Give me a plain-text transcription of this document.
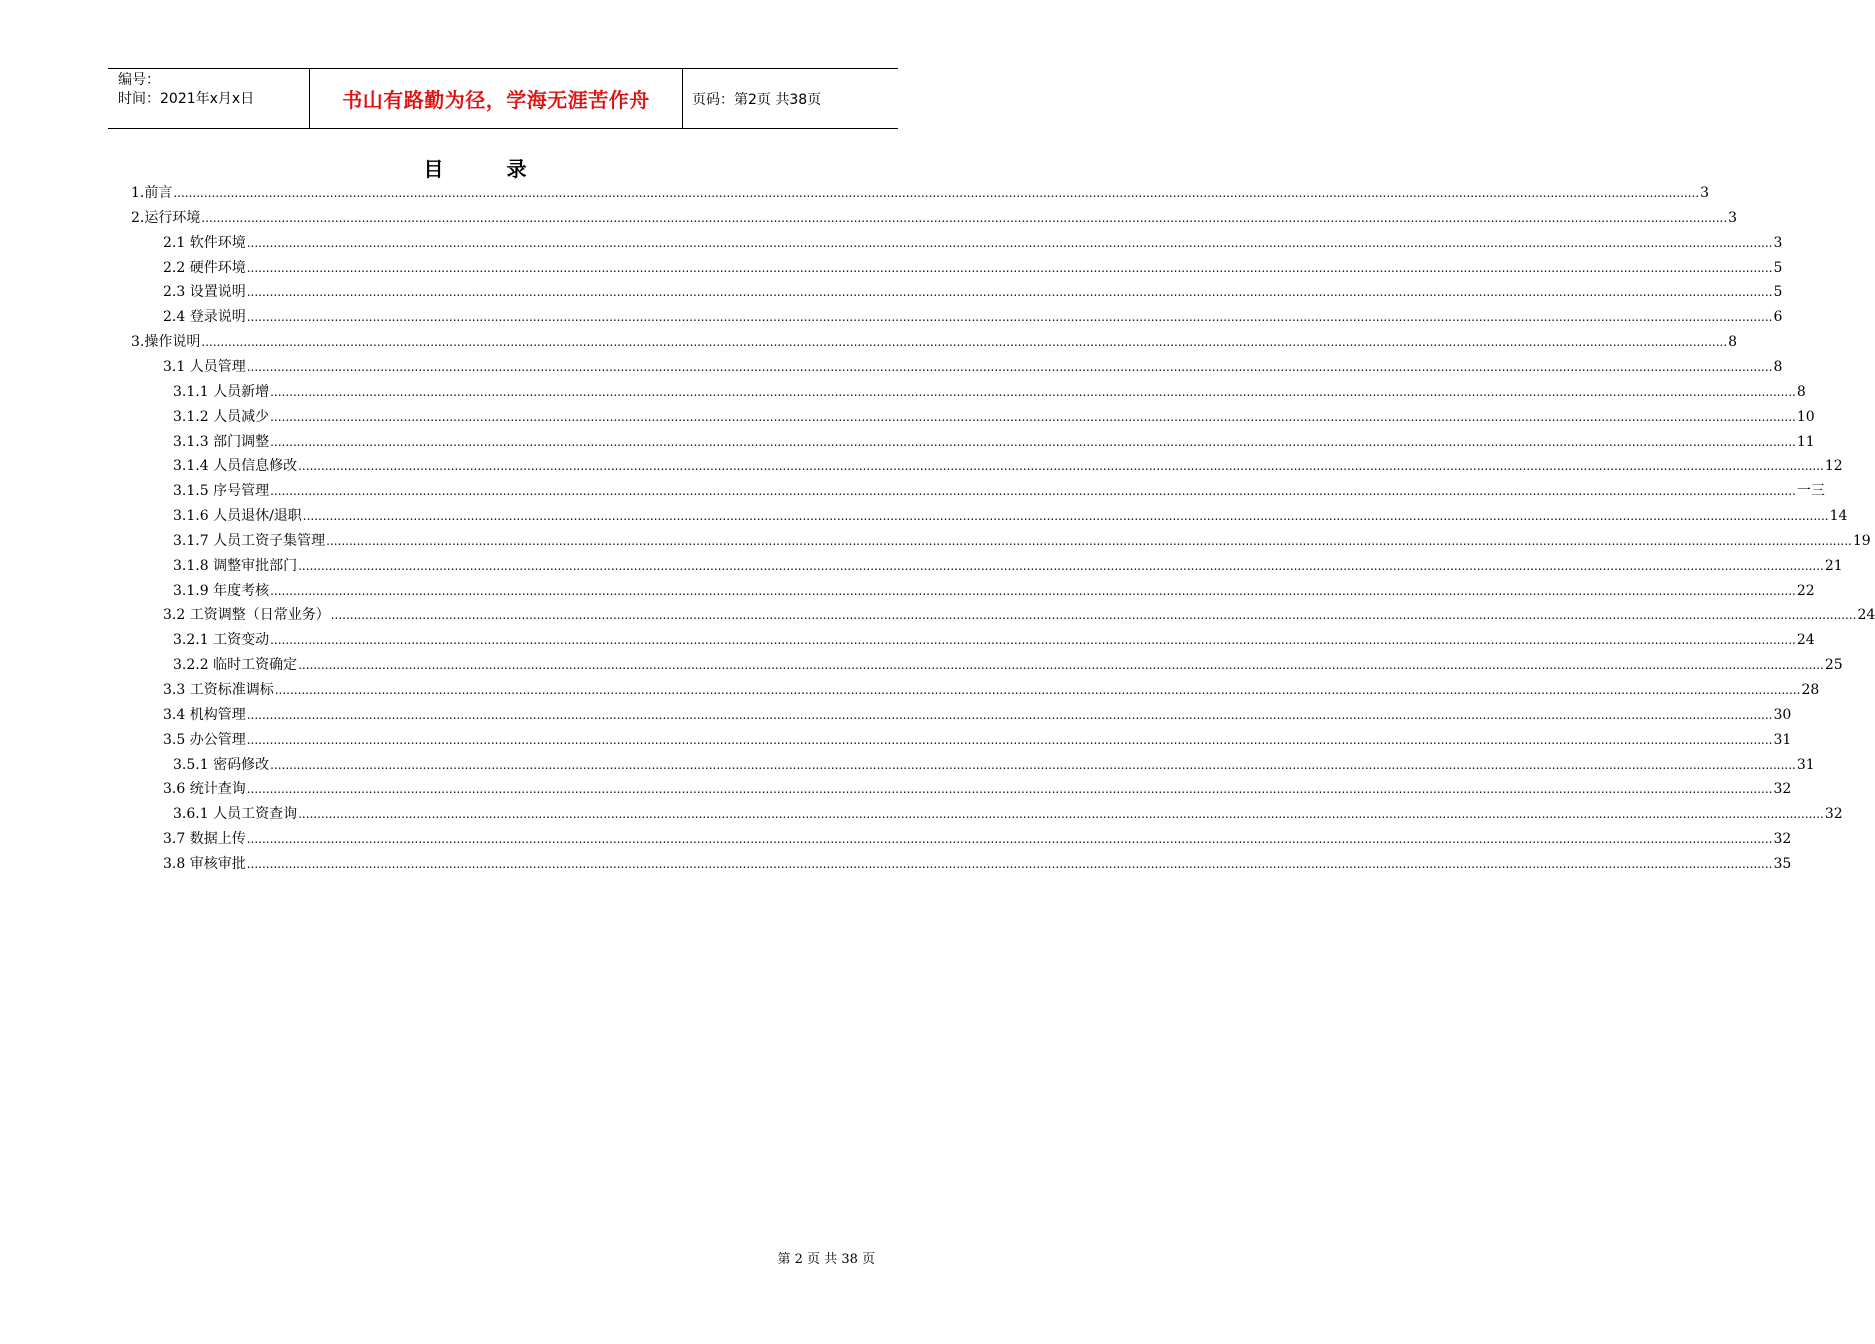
编号：
时间：2021年x月x日	书山有路勤为径，学海无涯苦作舟	页码：第2页 共38页
目 录
1.前言 ................................................................................................................................................................................................................................................................................................................................................................................................................ 3
2.运行环境 ................................................................................................................................................................................................................................................................................................................................................................................................................ 3
2.1 软件环境 ................................................................................................................................................................................................................................................................................................................................................................................................................ 3
2.2 硬件环境 ................................................................................................................................................................................................................................................................................................................................................................................................................ 5
2.3 设置说明 ................................................................................................................................................................................................................................................................................................................................................................................................................ 5
2.4 登录说明 ................................................................................................................................................................................................................................................................................................................................................................................................................ 6
3.操作说明 ................................................................................................................................................................................................................................................................................................................................................................................................................ 8
3.1 人员管理 ................................................................................................................................................................................................................................................................................................................................................................................................................ 8
3.1.1 人员新增 ................................................................................................................................................................................................................................................................................................................................................................................................................ 8
3.1.2 人员减少 ................................................................................................................................................................................................................................................................................................................................................................................................................ 10
3.1.3 部门调整 ................................................................................................................................................................................................................................................................................................................................................................................................................ 11
3.1.4 人员信息修改 ................................................................................................................................................................................................................................................................................................................................................................................................................ 12
3.1.5 序号管理 ................................................................................................................................................................................................................................................................................................................................................................................................................ 一三
3.1.6 人员退休/退职 ................................................................................................................................................................................................................................................................................................................................................................................................................ 14
3.1.7 人员工资子集管理 ................................................................................................................................................................................................................................................................................................................................................................................................................ 19
3.1.8 调整审批部门 ................................................................................................................................................................................................................................................................................................................................................................................................................ 21
3.1.9 年度考核 ................................................................................................................................................................................................................................................................................................................................................................................................................ 22
3.2 工资调整（日常业务） ................................................................................................................................................................................................................................................................................................................................................................................................................ 24
3.2.1 工资变动 ................................................................................................................................................................................................................................................................................................................................................................................................................ 24
3.2.2 临时工资确定 ................................................................................................................................................................................................................................................................................................................................................................................................................ 25
3.3 工资标准调标 ................................................................................................................................................................................................................................................................................................................................................................................................................ 28
3.4 机构管理 ................................................................................................................................................................................................................................................................................................................................................................................................................ 30
3.5 办公管理 ................................................................................................................................................................................................................................................................................................................................................................................................................ 31
3.5.1 密码修改 ................................................................................................................................................................................................................................................................................................................................................................................................................ 31
3.6 统计查询 ................................................................................................................................................................................................................................................................................................................................................................................................................ 32
3.6.1 人员工资查询 ................................................................................................................................................................................................................................................................................................................................................................................................................ 32
3.7 数据上传 ................................................................................................................................................................................................................................................................................................................................................................................................................ 32
3.8 审核审批 ................................................................................................................................................................................................................................................................................................................................................................................................................ 35
第 2 页 共 38 页
